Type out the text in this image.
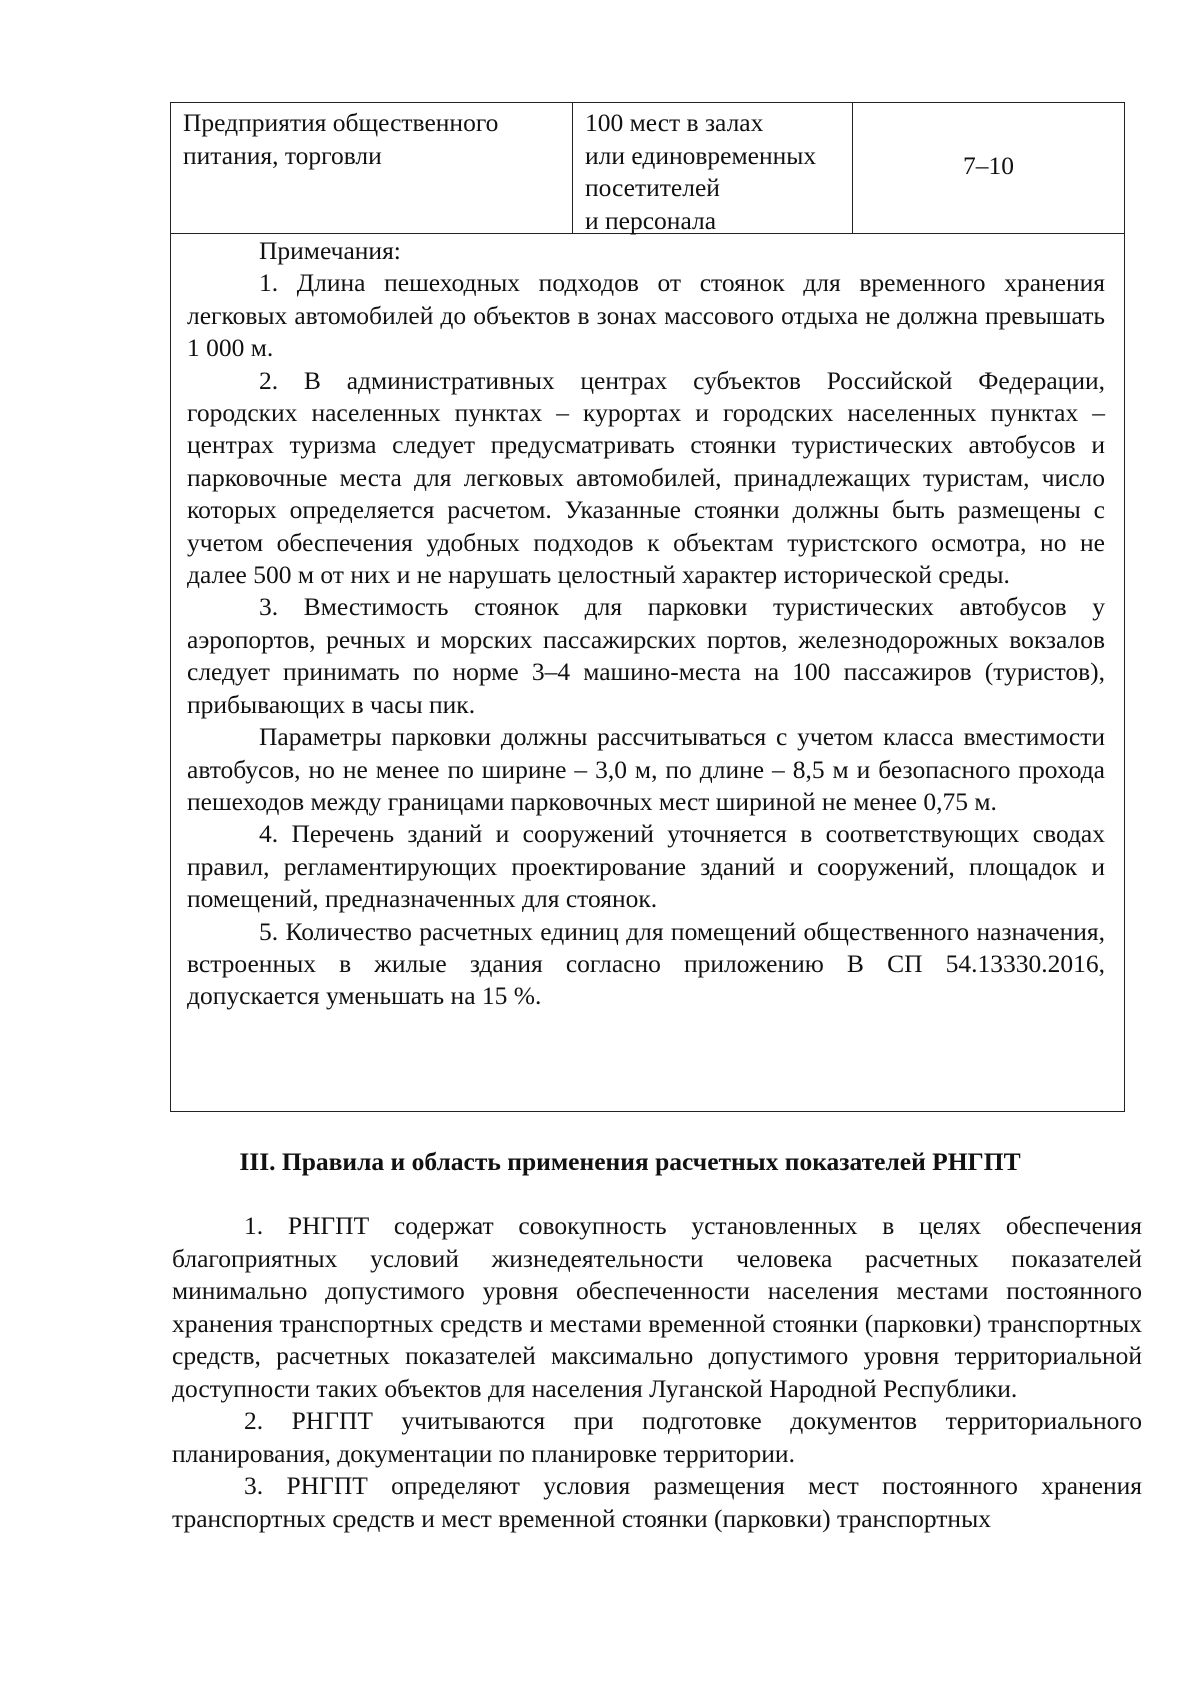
Предприятия общественного
питания, торговли
100 мест в залах
или единовременных
посетителей
и персонала
7–10
Примечания:

1. Длина пешеходных подходов от стоянок для временного хранения легковых автомобилей до объектов в зонах массового отдыха не должна превышать 1 000 м.

2. В административных центрах субъектов Российской Федерации, городских населенных пунктах – курортах и городских населенных пунктах – центрах туризма следует предусматривать стоянки туристических автобусов и парковочные места для легковых автомобилей, принадлежащих туристам, число которых определяется расчетом. Указанные стоянки должны быть размещены с учетом обеспечения удобных подходов к объектам туристского осмотра, но не далее 500 м от них и не нарушать целостный характер исторической среды.

3. Вместимость стоянок для парковки туристических автобусов у аэропортов, речных и морских пассажирских портов, железнодорожных вокзалов следует принимать по норме 3–4 машино-места на 100 пассажиров (туристов), прибывающих в часы пик.

Параметры парковки должны рассчитываться с учетом класса вместимости автобусов, но не менее по ширине – 3,0 м, по длине – 8,5 м и безопасного прохода пешеходов между границами парковочных мест шириной не менее 0,75 м.

4. Перечень зданий и сооружений уточняется в соответствующих сводах правил, регламентирующих проектирование зданий и сооружений, площадок и помещений, предназначенных для стоянок.

5. Количество расчетных единиц для помещений общественного назначения, встроенных в жилые здания согласно приложению В СП 54.13330.2016, допускается уменьшать на 15 %.

III. Правила и область применения расчетных показателей РНГПТ

1. РНГПТ содержат совокупность установленных в целях обеспечения благоприятных условий жизнедеятельности человека расчетных показателей минимально допустимого уровня обеспеченности населения местами постоянного хранения транспортных средств и местами временной стоянки (парковки) транспортных средств, расчетных показателей максимально допустимого уровня территориальной доступности таких объектов для населения Луганской Народной Республики.

2. РНГПТ учитываются при подготовке документов территориального планирования, документации по планировке территории.

3. РНГПТ определяют условия размещения мест постоянного хранения транспортных средств и мест временной стоянки (парковки) транспортных
